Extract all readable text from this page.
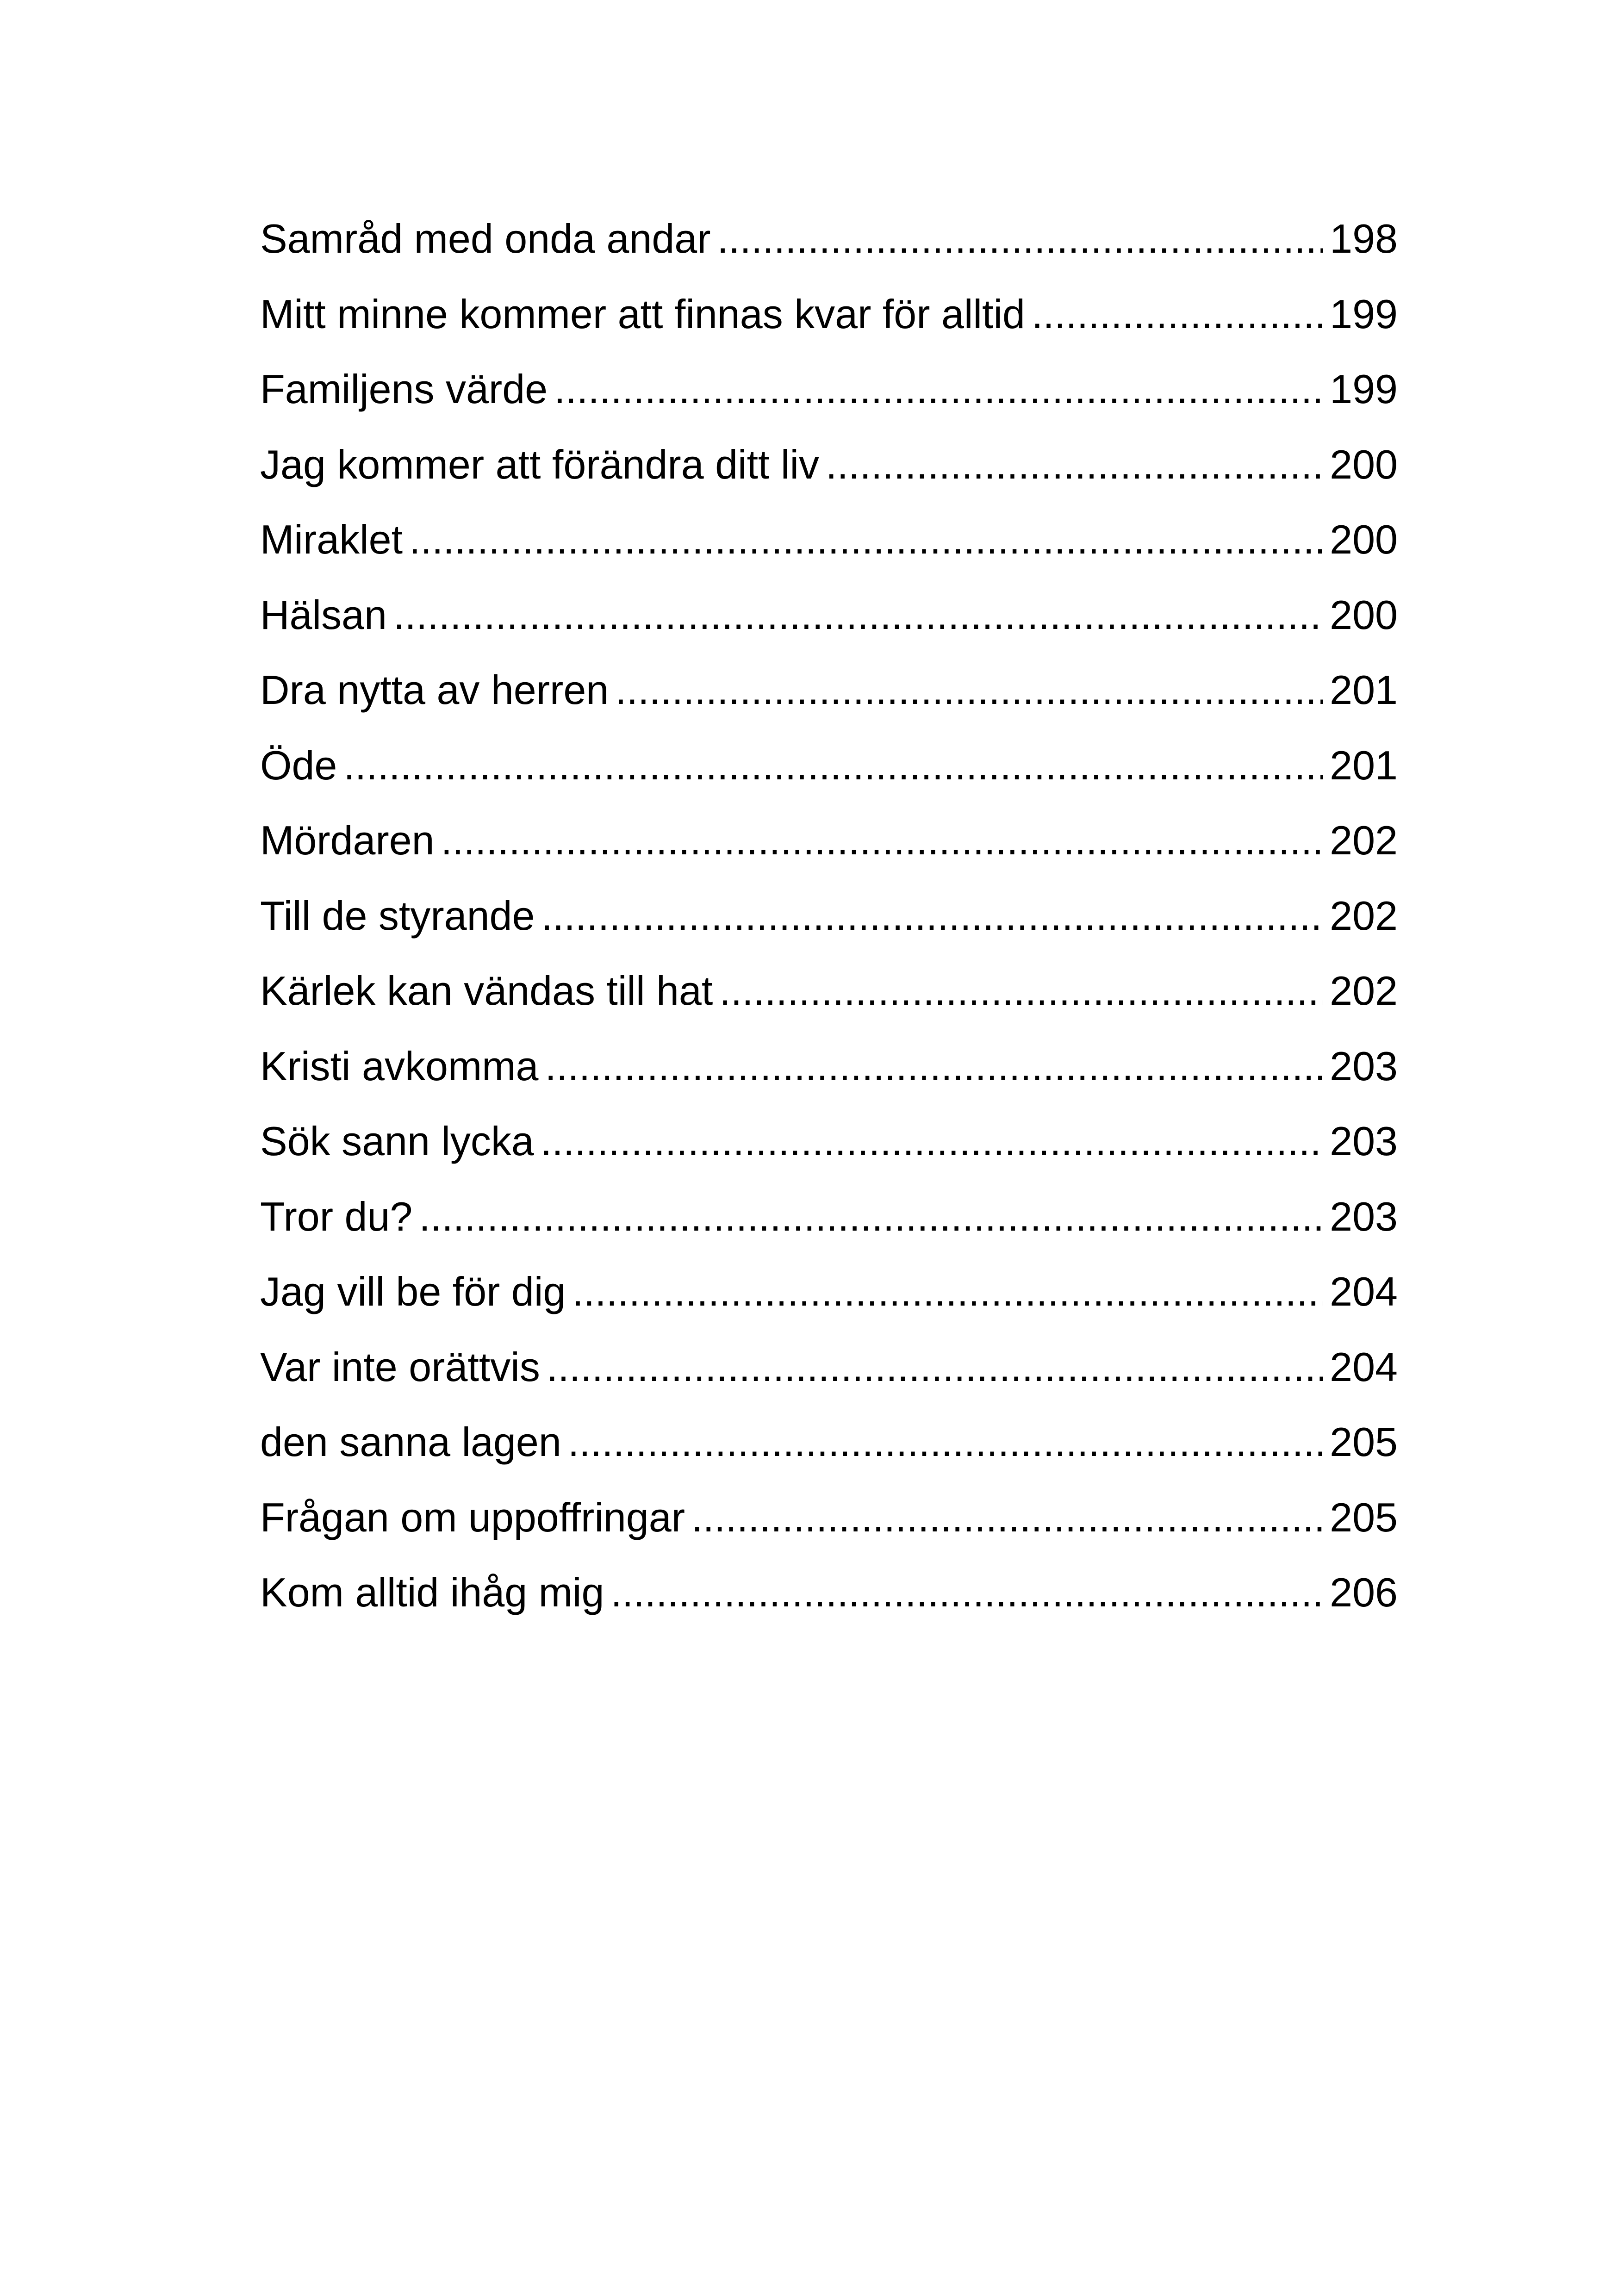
Samråd med onda andar .....	198
Mitt minne kommer att finnas kvar för alltid .....	199
Familjens värde .....	199
Jag kommer att förändra ditt liv .....	200
Miraklet .....	200
Hälsan .....	200
Dra nytta av herren .....	201
Öde .....	201
Mördaren .....	202
Till de styrande .....	202
Kärlek kan vändas till hat .....	202
Kristi avkomma .....	203
Sök sann lycka .....	203
Tror du? .....	203
Jag vill be för dig .....	204
Var inte orättvis .....	204
den sanna lagen .....	205
Frågan om uppoffringar .....	205
Kom alltid ihåg mig .....	206
